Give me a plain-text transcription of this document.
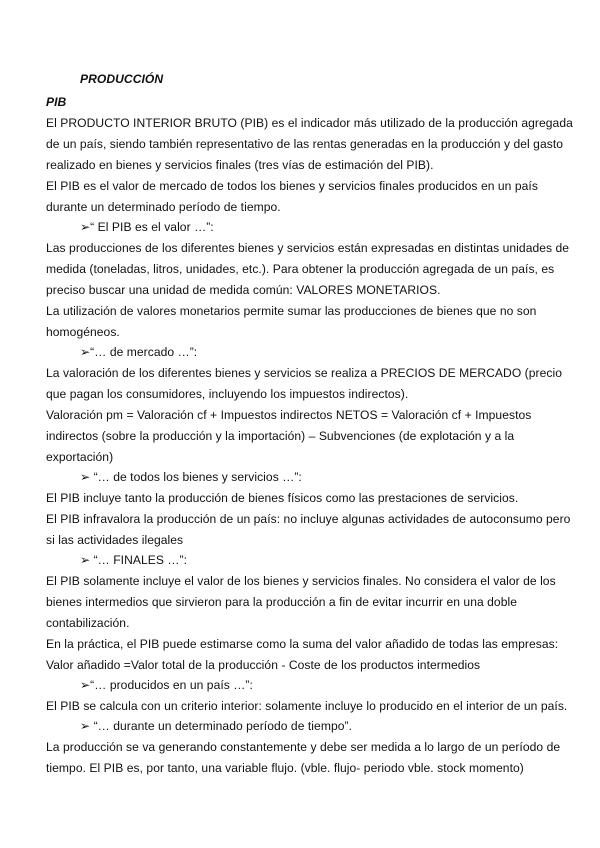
PRODUCCIÓN
PIB
El PRODUCTO INTERIOR BRUTO (PIB) es el indicador más utilizado de la producción agregada
de un país, siendo también representativo de las rentas generadas en la producción y del gasto
realizado en bienes y servicios finales (tres vías de estimación del PIB).
El PIB es el valor de mercado de todos los bienes y servicios finales producidos en un país
durante un determinado período de tiempo.
➢“ El PIB es el valor …”:
Las producciones de los diferentes bienes y servicios están expresadas en distintas unidades de
medida (toneladas, litros, unidades, etc.). Para obtener la producción agregada de un país, es
preciso buscar una unidad de medida común: VALORES MONETARIOS.
La utilización de valores monetarios permite sumar las producciones de bienes que no son
homogéneos.
➢“… de mercado …”:
La valoración de los diferentes bienes y servicios se realiza a PRECIOS DE MERCADO (precio
que pagan los consumidores, incluyendo los impuestos indirectos).
Valoración pm = Valoración cf + Impuestos indirectos NETOS = Valoración cf + Impuestos
indirectos (sobre la producción y la importación) – Subvenciones (de explotación y a la
exportación)
➢ “… de todos los bienes y servicios …”:
El PIB incluye tanto la producción de bienes físicos como las prestaciones de servicios.
El PIB infravalora la producción de un país: no incluye algunas actividades de autoconsumo pero
si las actividades ilegales
➢ “… FINALES …”:
El PIB solamente incluye el valor de los bienes y servicios finales. No considera el valor de los
bienes intermedios que sirvieron para la producción a fin de evitar incurrir en una doble
contabilización.
En la práctica, el PIB puede estimarse como la suma del valor añadido de todas las empresas:
Valor añadido =Valor total de la producción - Coste de los productos intermedios
➢“… producidos en un país …”:
El PIB se calcula con un criterio interior: solamente incluye lo producido en el interior de un país.
➢ “… durante un determinado período de tiempo”.
La producción se va generando constantemente y debe ser medida a lo largo de un período de
tiempo. El PIB es, por tanto, una variable flujo. (vble. flujo- periodo vble. stock momento)
